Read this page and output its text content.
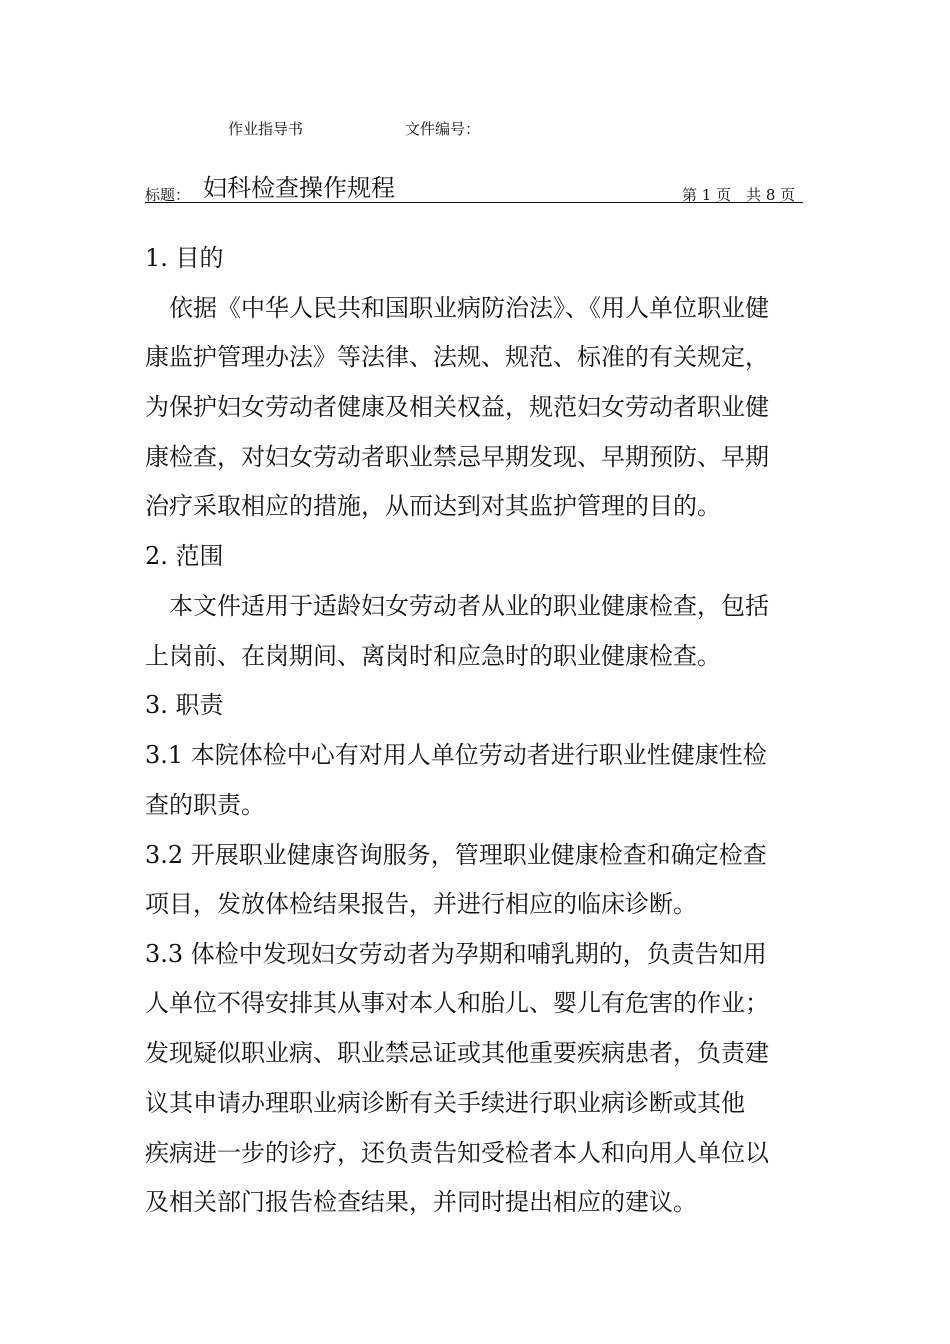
作业指导书	文件编号：
标题： 妇科检查操作规程	第 1 页　共 8 页
1. 目的
依据《中华人民共和国职业病防治法》、《用人单位职业健
康监护管理办法》等法律、法规、规范、标准的有关规定，
为保护妇女劳动者健康及相关权益，规范妇女劳动者职业健
康检查，对妇女劳动者职业禁忌早期发现、早期预防、早期
治疗采取相应的措施，从而达到对其监护管理的目的。
2. 范围
本文件适用于适龄妇女劳动者从业的职业健康检查，包括
上岗前、在岗期间、离岗时和应急时的职业健康检查。
3. 职责
3.1 本院体检中心有对用人单位劳动者进行职业性健康性检
查的职责。
3.2 开展职业健康咨询服务，管理职业健康检查和确定检查
项目，发放体检结果报告，并进行相应的临床诊断。
3.3 体检中发现妇女劳动者为孕期和哺乳期的，负责告知用
人单位不得安排其从事对本人和胎儿、婴儿有危害的作业；
发现疑似职业病、职业禁忌证或其他重要疾病患者，负责建
议其申请办理职业病诊断有关手续进行职业病诊断或其他
疾病进一步的诊疗，还负责告知受检者本人和向用人单位以
及相关部门报告检查结果，并同时提出相应的建议。
